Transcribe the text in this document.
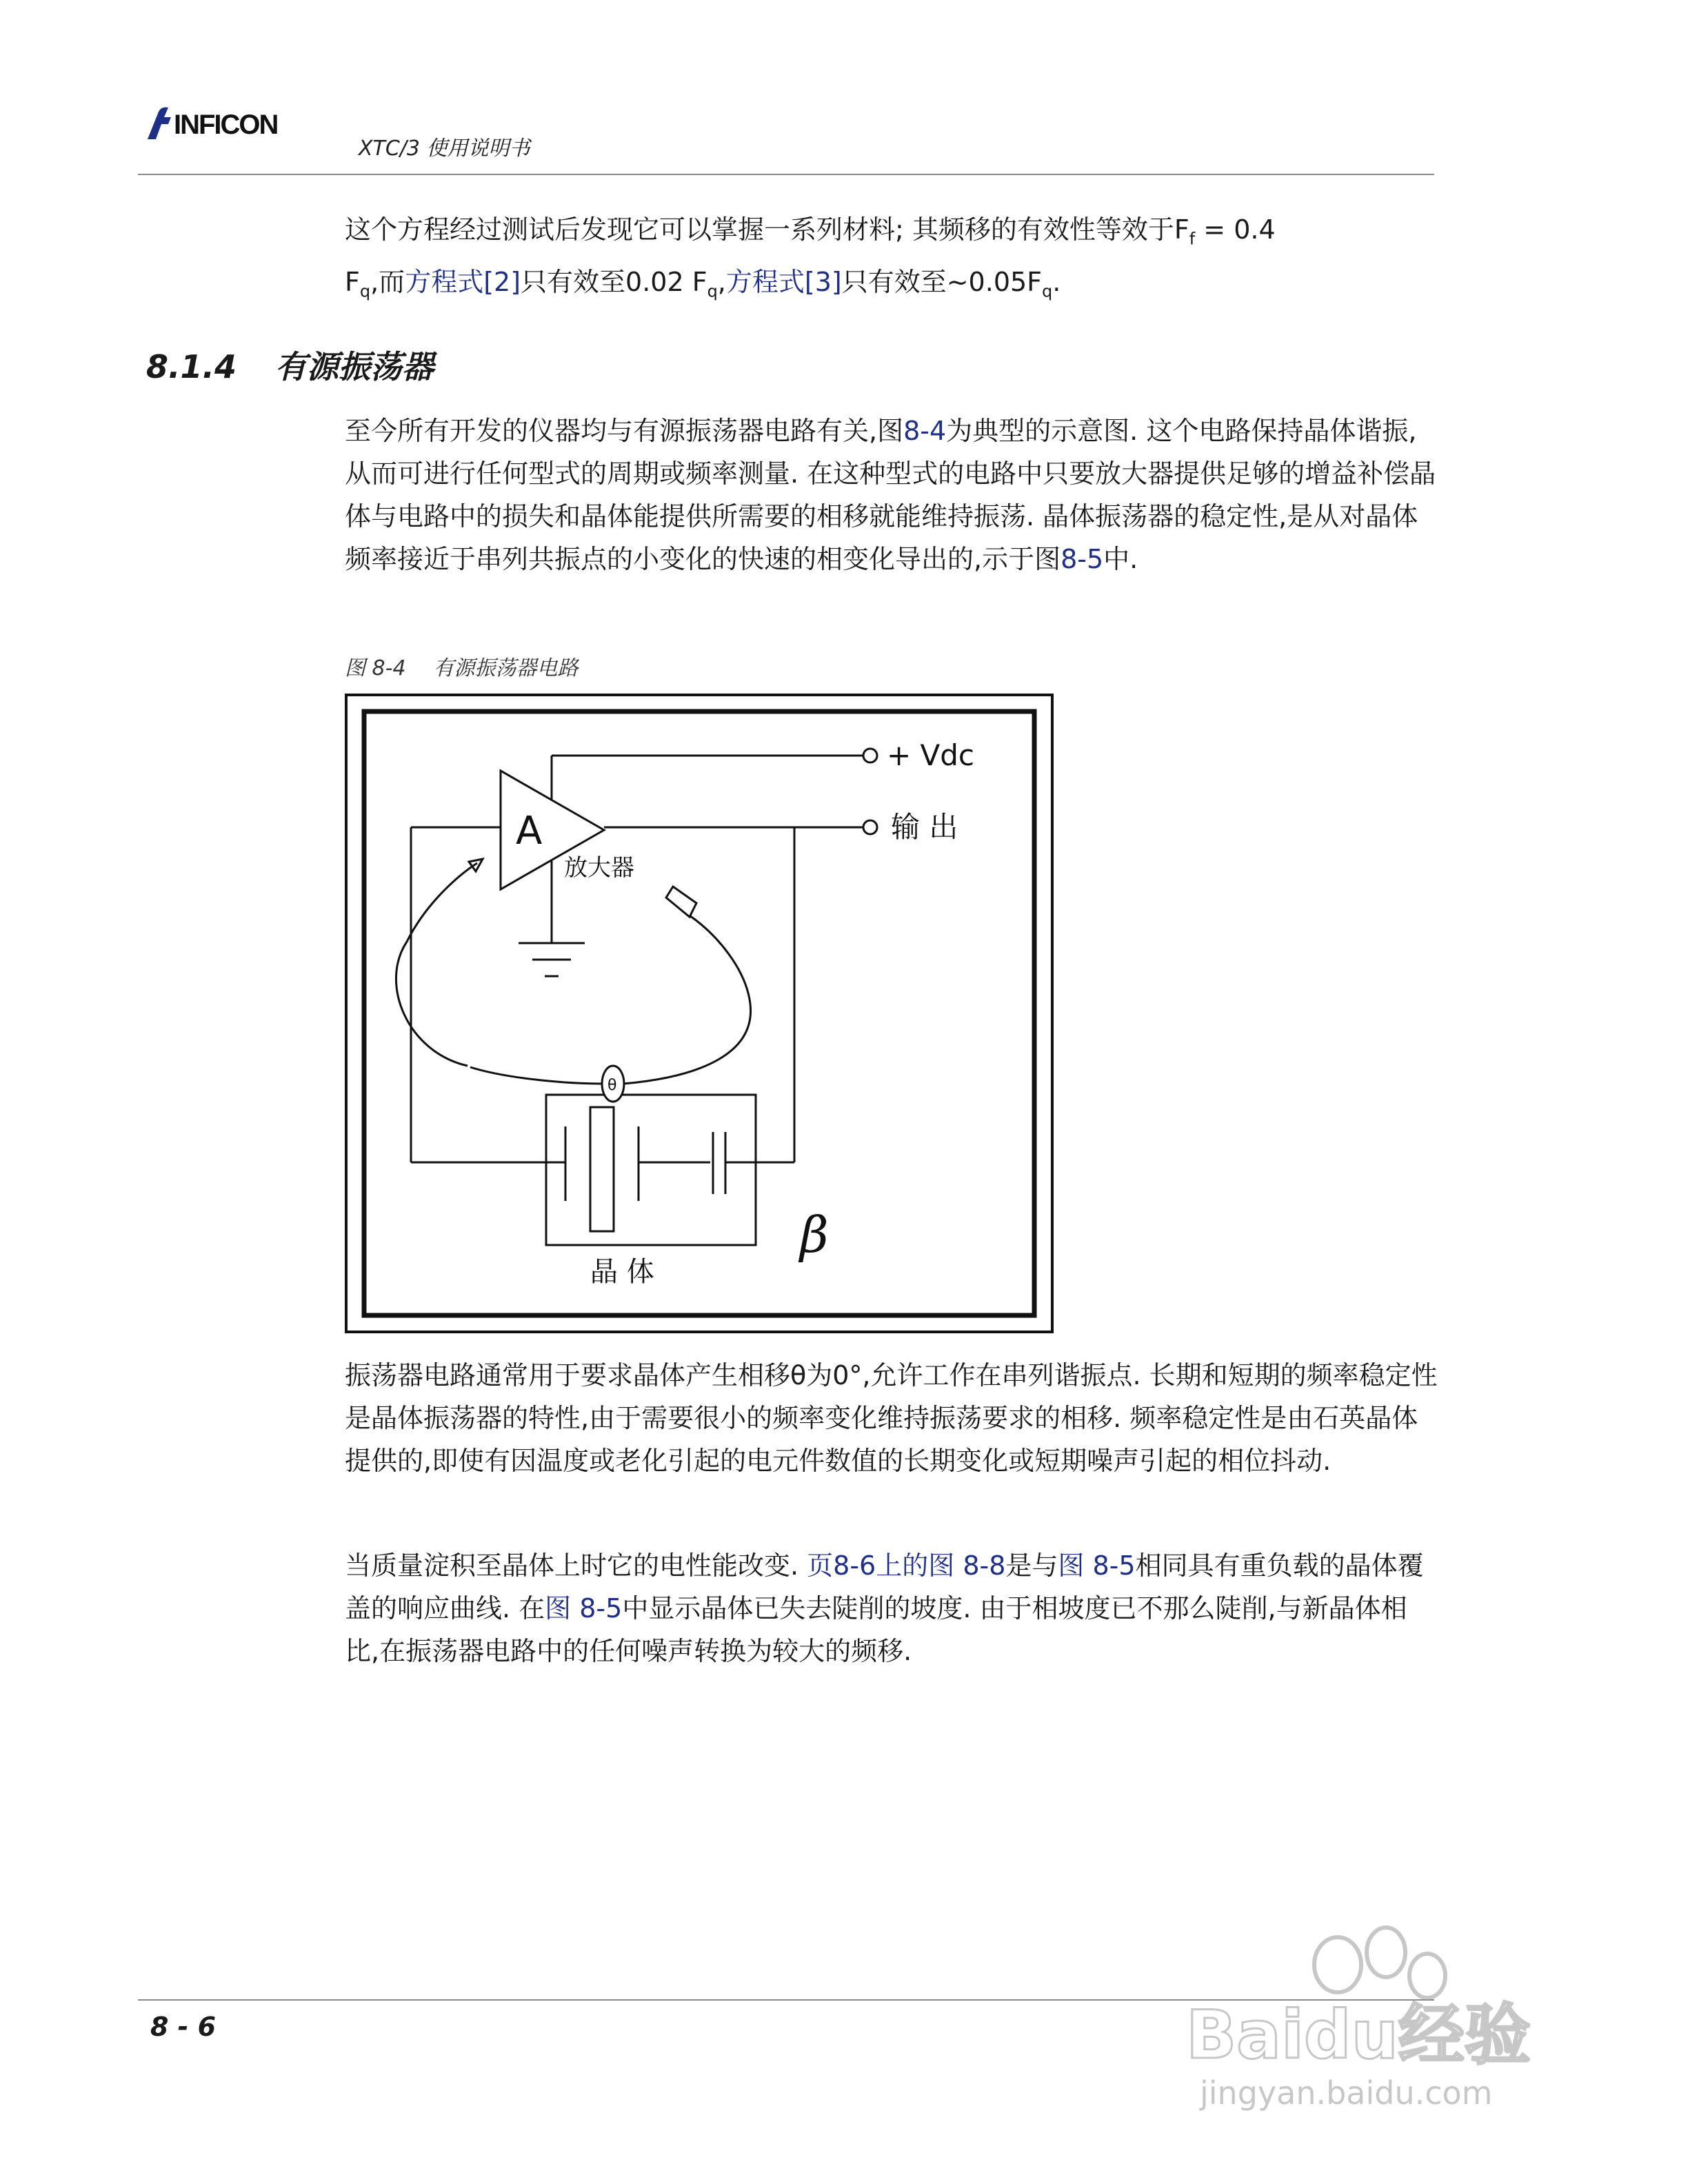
INFICON
XTC/3 使用说明书
这个方程经过测试后发现它可以掌握一系列材料; 其频移的有效性等效于$F_f = 0.4$
$F_q$,而方程式[2]只有效至0.02 $F_q$,方程式[3]只有效至$\sim 0.05F_q$.
8.1.4 有源振荡器
至今所有开发的仪器均与有源振荡器电路有关,图8-4为典型的示意图. 这个电路保持晶体谐振,从而可进行任何型式的周期或频率测量. 在这种型式的电路中只要放大器提供足够的增益补偿晶体与电路中的损失和晶体能提供所需要的相移就能维持振荡. 晶体振荡器的稳定性,是从对晶体频率接近于串列共振点的小变化的快速的相变化导出的,示于图8-5中.
图 8-4 有源振荡器电路
A
放大器
+ Vdc
输 出
晶 体
β
θ
振荡器电路通常用于要求晶体产生相移θ为0°,允许工作在串列谐振点. 长期和短期的频率稳定性是晶体振荡器的特性,由于需要很小的频率变化维持振荡要求的相移. 频率稳定性是由石英晶体提供的,即使有因温度或老化引起的电元件数值的长期变化或短期噪声引起的相位抖动.
当质量淀积至晶体上时它的电性能改变. 页8-6上的图 8-8是与图 8-5相同具有重负载的晶体覆盖的响应曲线. 在图 8-5中显示晶体已失去陡削的坡度. 由于相坡度已不那么陡削,与新晶体相比,在振荡器电路中的任何噪声转换为较大的频移.
8 - 6	Baidu经验
jingyan.baidu.com
